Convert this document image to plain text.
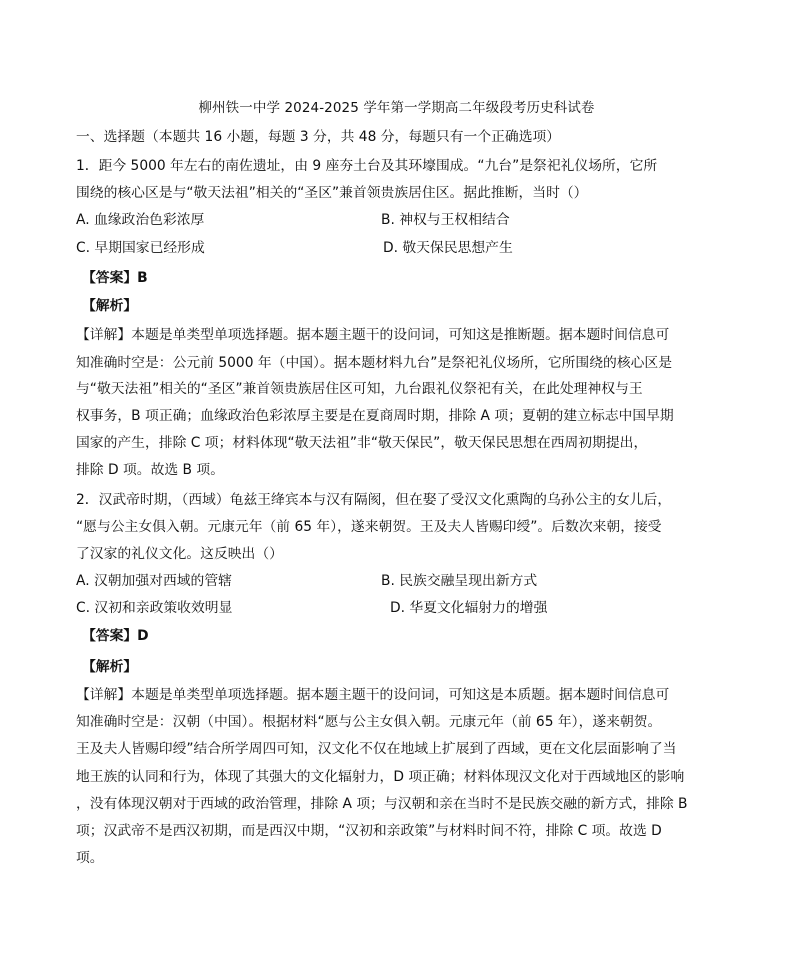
柳州铁一中学 2024-2025 学年第一学期高二年级段考历史科试卷
一、选择题（本题共 16 小题，每题 3 分，共 48 分，每题只有一个正确选项）
1．距今 5000 年左右的南佐遗址，由 9 座夯土台及其环壕围成。“九台”是祭祀礼仪场所，它所
围绕的核心区是与“敬天法祖”相关的“圣区”兼首领贵族居住区。据此推断，当时（）
A. 血缘政治色彩浓厚	B. 神权与王权相结合
C. 早期国家已经形成	D. 敬天保民思想产生
【答案】B
【解析】
【详解】本题是单类型单项选择题。据本题主题干的设问词，可知这是推断题。据本题时间信息可
知准确时空是：公元前 5000 年（中国）。据本题材料九台”是祭祀礼仪场所，它所围绕的核心区是
与“敬天法祖”相关的“圣区”兼首领贵族居住区可知，九台跟礼仪祭祀有关，在此处理神权与王
权事务，B 项正确；血缘政治色彩浓厚主要是在夏商周时期，排除 A 项；夏朝的建立标志中国早期
国家的产生，排除 C 项；材料体现“敬天法祖”非“敬天保民”，敬天保民思想在西周初期提出，
排除 D 项。故选 B 项。
2．汉武帝时期，（西域）龟兹王绛宾本与汉有隔阂，但在娶了受汉文化熏陶的乌孙公主的女儿后，
“愿与公主女俱入朝。元康元年（前 65 年），遂来朝贺。王及夫人皆赐印绶”。后数次来朝，接受
了汉家的礼仪文化。这反映出（）
A. 汉朝加强对西域的管辖	B. 民族交融呈现出新方式
C. 汉初和亲政策收效明显	D. 华夏文化辐射力的增强
【答案】D
【解析】
【详解】本题是单类型单项选择题。据本题主题干的设问词，可知这是本质题。据本题时间信息可
知准确时空是：汉朝（中国）。根据材料“愿与公主女俱入朝。元康元年（前 65 年），遂来朝贺。
王及夫人皆赐印绶”结合所学周四可知，汉文化不仅在地域上扩展到了西域，更在文化层面影响了当
地王族的认同和行为，体现了其强大的文化辐射力，D 项正确；材料体现汉文化对于西域地区的影响
，没有体现汉朝对于西域的政治管理，排除 A 项；与汉朝和亲在当时不是民族交融的新方式，排除 B
项；汉武帝不是西汉初期，而是西汉中期，“汉初和亲政策”与材料时间不符，排除 C 项。故选 D
项。
